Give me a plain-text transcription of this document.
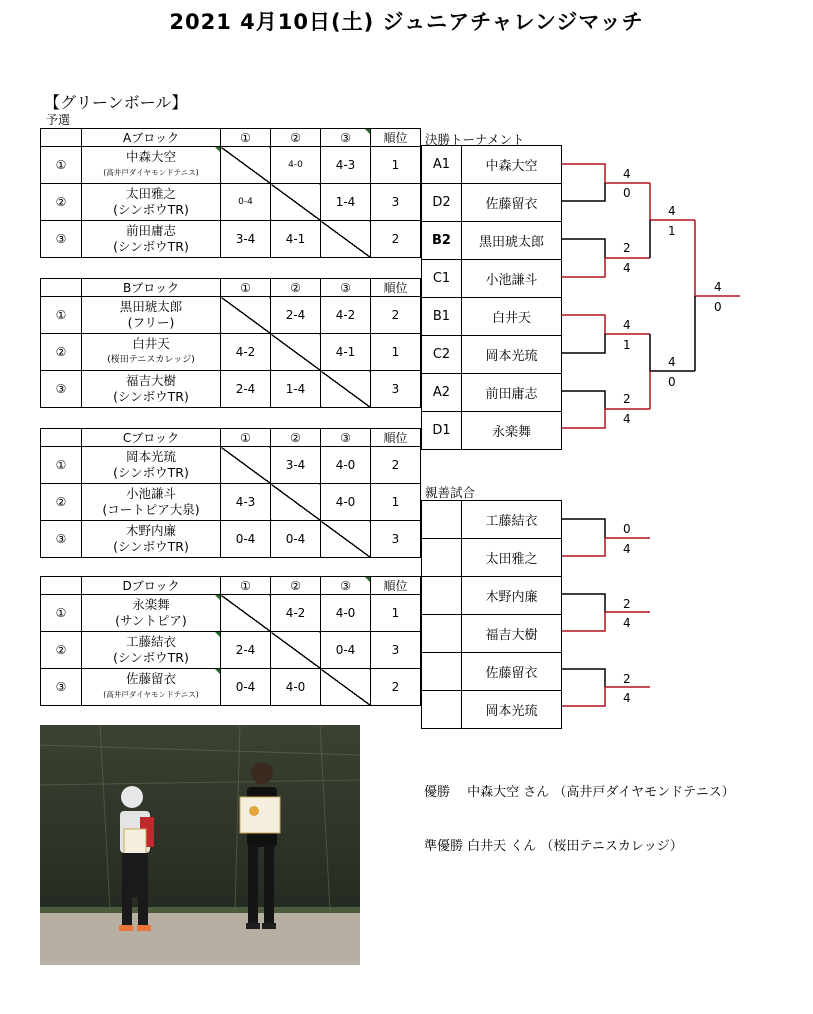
2021 4月10日(土) ジュニアチャレンジマッチ
【グリーンボール】
予選
	Aブロック	①	②	③	順位
①	中森大空
(高井戸ダイヤモンドテニス)		4-0	4-3	1
②	太田雅之
(シンボウTR)	0-4		1-4	3
③	前田庸志
(シンボウTR)	3-4	4-1		2
	Bブロック	①	②	③	順位
①	黒田琥太郎
(フリー)		2-4	4-2	2
②	白井天
(桜田テニスカレッジ)	4-2		4-1	1
③	福吉大樹
(シンボウTR)	2-4	1-4		3
	Cブロック	①	②	③	順位
①	岡本光琉
(シンボウTR)		3-4	4-0	2
②	小池謙斗
(コートピア大泉)	4-3		4-0	1
③	木野内廉
(シンボウTR)	0-4	0-4		3
	Dブロック	①	②	③	順位
①	永楽舞
(サントピア)		4-2	4-0	1
②	工藤結衣
(シンボウTR)	2-4		0-4	3
③	佐藤留衣
(高井戸ダイヤモンドテニス)	0-4	4-0		2
決勝トーナメント
A1	中森大空
D2	佐藤留衣
B2	黒田琥太郎
C1	小池謙斗
B1	白井天
C2	岡本光琉
A2	前田庸志
D1	永楽舞
4
0
2
4
4
1
2
4
4
1
4
0
4
0
親善試合
	工藤結衣
	太田雅之
	木野内廉
	福吉大樹
	佐藤留衣
	岡本光琉
0
4
2
4
2
4
優勝　 中森大空 さん （高井戸ダイヤモンドテニス）
準優勝 白井天 くん （桜田テニスカレッジ）
